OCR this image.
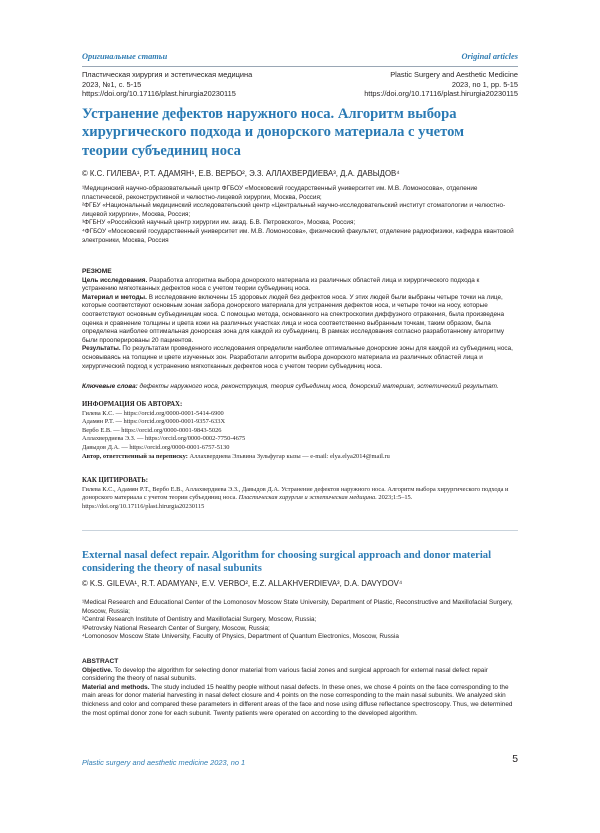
Оригинальные статьи	Original articles
Пластическая хирургия и эстетическая медицина
2023, №1, с. 5-15
https://doi.org/10.17116/plast.hirurgia20230115
Plastic Surgery and Aesthetic Medicine
2023, no 1, pp. 5-15
https://doi.org/10.17116/plast.hirurgia20230115
Устранение дефектов наружного носа. Алгоритм выбора хирургического подхода и донорского материала с учетом теории субъединиц носа
© К.С. ГИЛЕВА¹, Р.Т. АДАМЯН¹, Е.В. ВЕРБО², Э.З. АЛЛАХВЕРДИЕВА³, Д.А. ДАВЫДОВ⁴

¹Медицинский научно-образовательный центр ФГБОУ «Московский государственный университет им. М.В. Ломоносова», отделение пластической, реконструктивной и челюстно-лицевой хирургии, Москва, Россия;

²ФГБУ «Национальный медицинский исследовательский центр «Центральный научно-исследовательский институт стоматологии и челюстно-лицевой хирургии», Москва, Россия;

³ФГБНУ «Российский научный центр хирургии им. акад. Б.В. Петровского», Москва, Россия;

⁴ФГБОУ «Московский государственный университет им. М.В. Ломоносова», физический факультет, отделение радиофизики, кафедра квантовой электроники, Москва, Россия

РЕЗЮМЕ

Цель исследования. Разработка алгоритма выбора донорского материала из различных областей лица и хирургического подхода к устранению мягкотканных дефектов носа с учетом теории субъединиц носа.

Материал и методы. В исследование включены 15 здоровых людей без дефектов носа. У этих людей были выбраны четыре точки на лице, которые соответствуют основным зонам забора донорского материала для устранения дефектов носа, и четыре точки на носу, которые соответствуют основным субъединицам носа. С помощью метода, основанного на спектроскопии диффузного отражения, была произведена оценка и сравнение толщины и цвета кожи на различных участках лица и носа соответственно выбранным точкам, таким образом, была определена наиболее оптимальная донорская зона для каждой из субъединиц. В рамках исследования согласно разработанному алгоритму были прооперированы 20 пациентов.

Результаты. По результатам проведенного исследования определили наиболее оптимальные донорские зоны для каждой из субъединиц носа, основываясь на толщине и цвете изученных зон. Разработали алгоритм выбора донорского материала из различных областей лица и хирургический подход к устранению мягкотканных дефектов носа с учетом теории субъединиц носа.

Ключевые слова: дефекты наружного носа, реконструкция, теория субъединиц носа, донорский материал, эстетический результат.

ИНФОРМАЦИЯ ОБ АВТОРАХ:

Гилева К.С. — https://orcid.org/0000-0001-5414-6900

Адамян Р.Т. — https://orcid.org/0000-0001-9357-633X

Вербо Е.В. — https://orcid.org/0000-0001-9843-5026

Аллахвердиева Э.З. — https://orcid.org/0000-0002-7750-4675

Давыдов Д.А. — https://orcid.org/0000-0001-6757-5130

Автор, ответственный за переписку: Аллахвердиева Эльвина Зульфугар кызы — e-mail: elya.elya2014@mail.ru

КАК ЦИТИРОВАТЬ:

Гилева К.С., Адамян Р.Т., Вербо Е.В., Аллахвердиева Э.З., Давыдов Д.А. Устранение дефектов наружного носа. Алгоритм выбора хирургического подхода и донорского материала с учетом теории субъединиц носа. Пластическая хирургия и эстетическая медицина. 2023;1:5–15. https://doi.org/10.17116/plast.hirurgia20230115

External nasal defect repair. Algorithm for choosing surgical approach and donor material considering the theory of nasal subunits
© K.S. GILEVA¹, R.T. ADAMYAN¹, E.V. VERBO², E.Z. ALLAKHVERDIEVA³, D.A. DAVYDOV⁴

¹Medical Research and Educational Center of the Lomonosov Moscow State University, Department of Plastic, Reconstructive and Maxillofacial Surgery, Moscow, Russia;

²Central Research Institute of Dentistry and Maxillofacial Surgery, Moscow, Russia;

³Petrovsky National Research Center of Surgery, Moscow, Russia;

⁴Lomonosov Moscow State University, Faculty of Physics, Department of Quantum Electronics, Moscow, Russia

ABSTRACT

Objective. To develop the algorithm for selecting donor material from various facial zones and surgical approach for external nasal defect repair considering the theory of nasal subunits.

Material and methods. The study included 15 healthy people without nasal defects. In these ones, we chose 4 points on the face corresponding to the main areas for donor material harvesting in nasal defect closure and 4 points on the nose corresponding to the main nasal subunits. We analyzed skin thickness and color and compared these parameters in different areas of the face and nose using diffuse reflectance spectroscopy. Thus, we determined the most optimal donor zone for each subunit. Twenty patients were operated on according to the developed algorithm.

Plastic surgery and aesthetic medicine 2023, no 1	5
